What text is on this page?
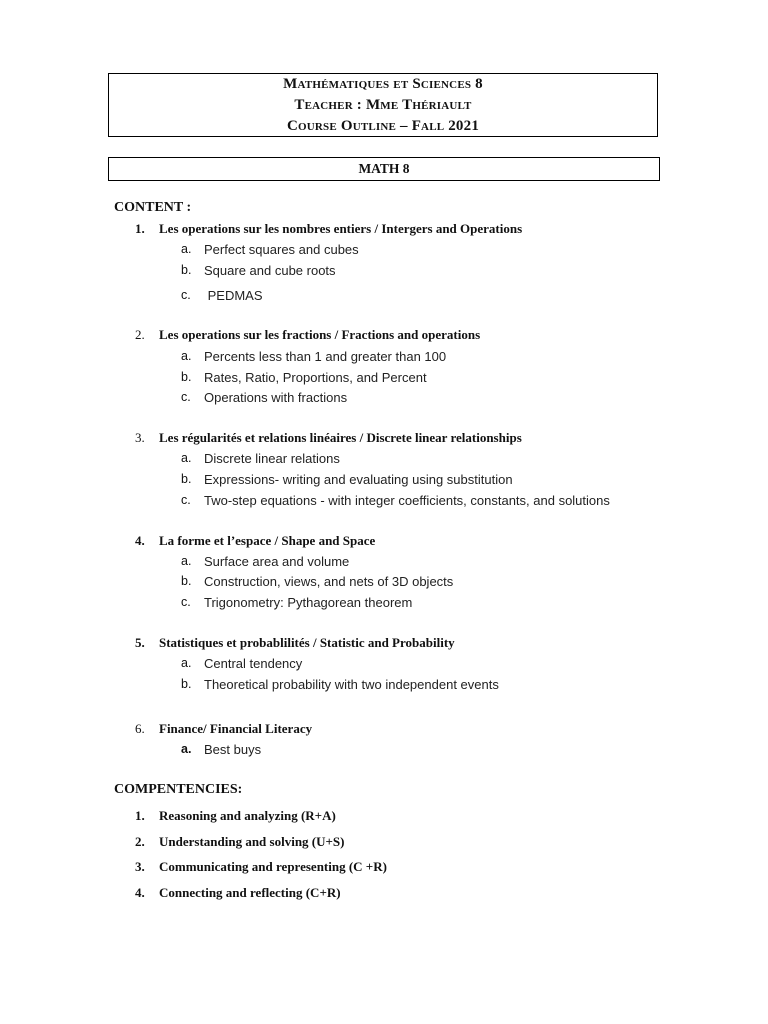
Mathématiques et Sciences 8
Teacher : Mme Thériault
Course Outline – Fall 2021
MATH 8
CONTENT :
1.	Les operations sur les nombres entiers / Intergers and Operations
a. Perfect squares and cubes
b. Square and cube roots
c.	PEDMAS
2.	Les operations sur les fractions / Fractions and operations
a. Percents less than 1 and greater than 100
b. Rates, Ratio, Proportions, and Percent
c.	Operations with fractions
3.	Les régularités et relations linéaires / Discrete linear relationships
a. Discrete linear relations
b. Expressions- writing and evaluating using substitution
c.	Two-step equations - with integer coefficients, constants, and solutions
4.	La forme et l’espace / Shape and Space
a. Surface area and volume
b. Construction, views, and nets of 3D objects
c.	Trigonometry: Pythagorean theorem
5.	Statistiques et probablilités / Statistic and Probability
a. Central tendency
b. Theoretical probability with two independent events
6.	Finance/ Financial Literacy
a. Best buys
COMPENTENCIES:
1.	Reasoning and analyzing (R+A)
2.	Understanding and solving (U+S)
3.	Communicating and representing (C +R)
4.	Connecting and reflecting (C+R)
